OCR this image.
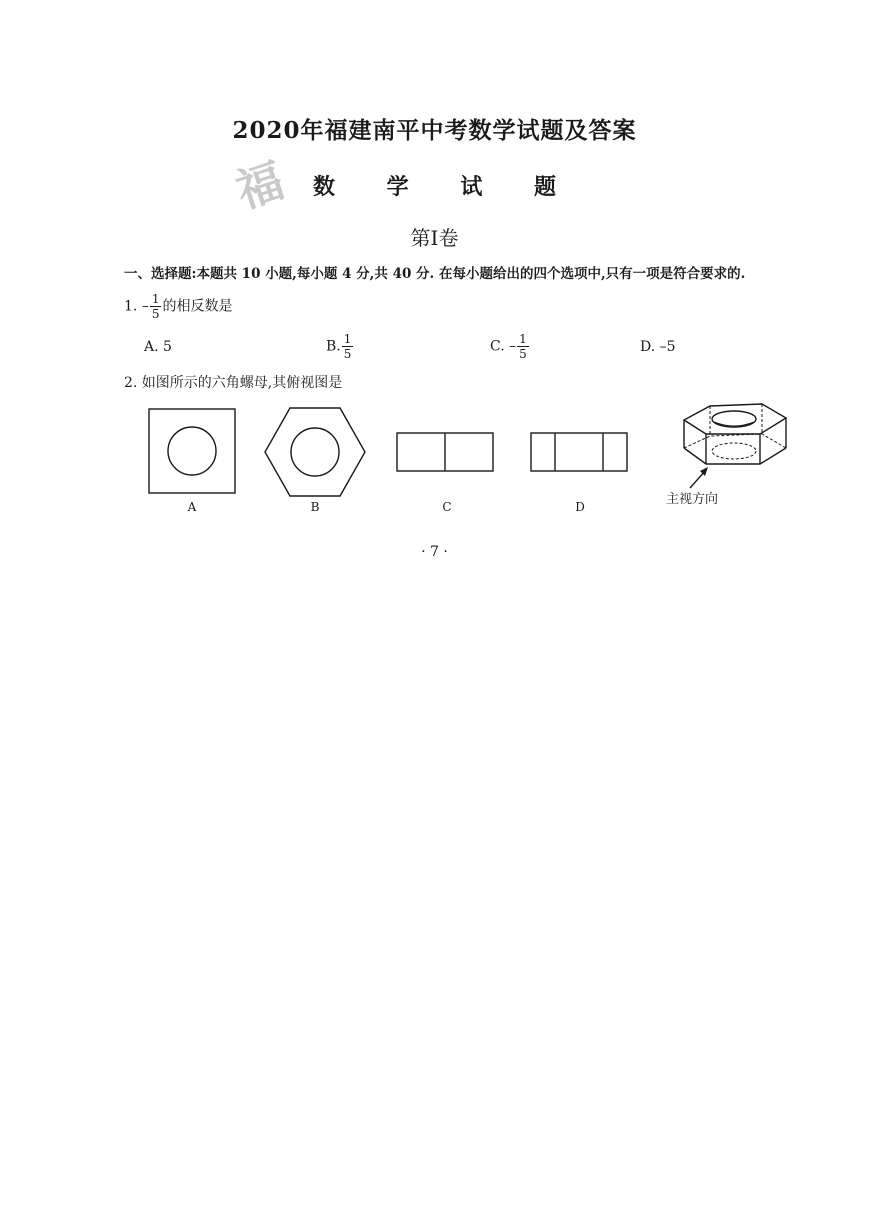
2020年福建南平中考数学试题及答案
福	数 学 试 题
第Ⅰ卷
一、选择题:本题共 10 小题,每小题 4 分,共 40 分. 在每小题给出的四个选项中,只有一项是符合要求的.
1. – $\frac{1}{5}$ 的相反数是
A. 5	B. $\frac{1}{5}$	C. – $\frac{1}{5}$	D. –5
2. 如图所示的六角螺母,其俯视图是
A	B	C	D	主视方向
· 7 ·
